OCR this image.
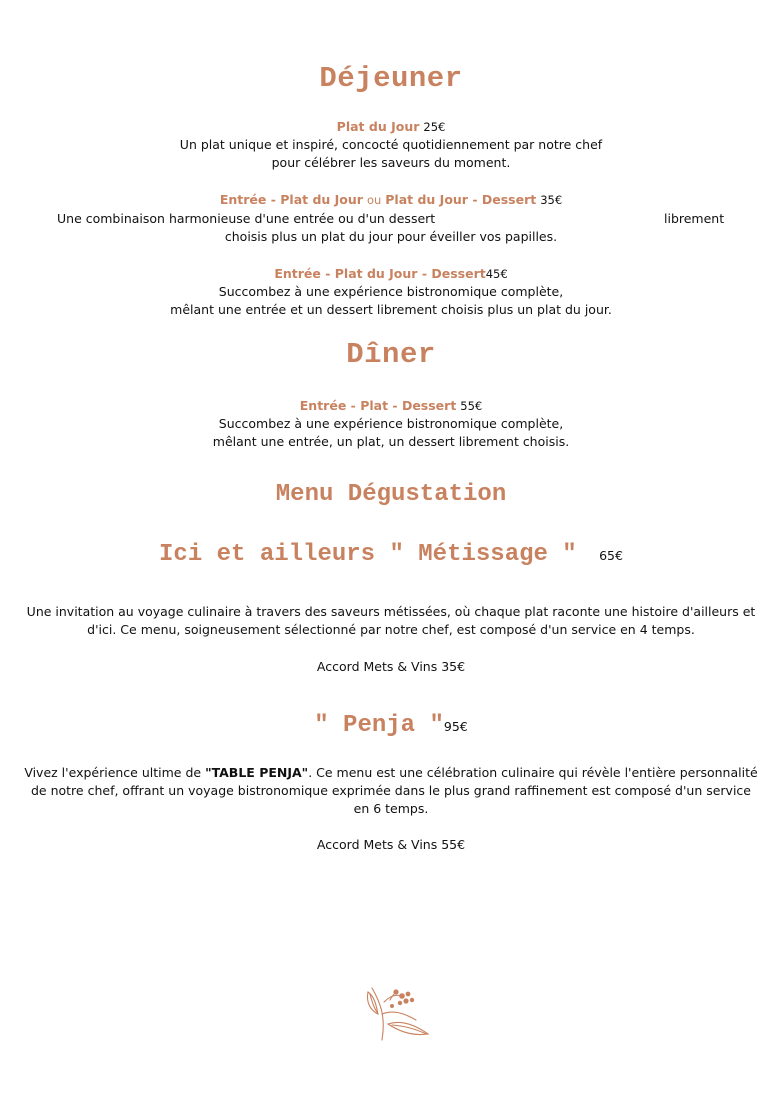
Déjeuner

Plat du Jour 25€

Un plat unique et inspiré, concocté quotidiennement par notre chef

pour célébrer les saveurs du moment.

Entrée - Plat du Jour ou Plat du Jour - Dessert 35€

Une combinaison harmonieuse d'une entrée ou d'un dessert	librement

choisis plus un plat du jour pour éveiller vos papilles.

Entrée - Plat du Jour - Dessert45€

Succombez à une expérience bistronomique complète,

mêlant une entrée et un dessert librement choisis plus un plat du jour.

Dîner

Entrée - Plat - Dessert 55€

Succombez à une expérience bistronomique complète,

mêlant une entrée, un plat, un dessert librement choisis.

Menu Dégustation
Ici et ailleurs " Métissage " 65€

Une invitation au voyage culinaire à travers des saveurs métissées, où chaque plat raconte une histoire d'ailleurs et

d'ici. Ce menu, soigneusement sélectionné par notre chef, est composé d'un service en 4 temps.

Accord Mets & Vins 35€

" Penja "95€

Vivez l'expérience ultime de "TABLE PENJA". Ce menu est une célébration culinaire qui révèle l'entière personnalité

de notre chef, offrant un voyage bistronomique exprimée dans le plus grand raffinement est composé d'un service

en 6 temps.

Accord Mets & Vins 55€
